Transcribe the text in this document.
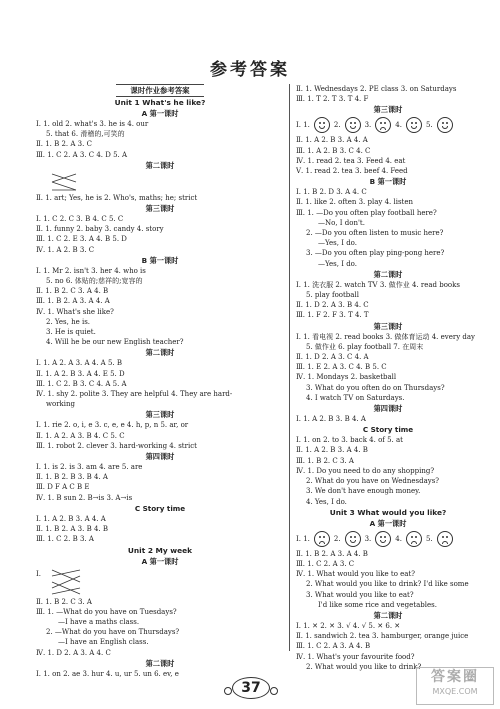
参考答案
课时作业参考答案
Unit 1 What's he like?
A 第一课时
Ⅰ. 1. old 2. what's 3. he is 4. our
5. that 6. 滑稽的,可笑的
Ⅱ. 1. B 2. A 3. C
Ⅲ. 1. C 2. A 3. C 4. D 5. A
第二课时
Ⅱ. 1. art; Yes, he is 2. Who's, maths; he; strict
第三课时
Ⅰ. 1. C 2. C 3. B 4. C 5. C
Ⅱ. 1. funny 2. baby 3. candy 4. story
Ⅲ. 1. C 2. E 3. A 4. B 5. D
Ⅳ. 1. A 2. B 3. C
B 第一课时
Ⅰ. 1. Mr 2. isn't 3. her 4. who is
5. no 6. 体贴的;慈祥的;宽容的
Ⅱ. 1. B 2. C 3. A 4. B
Ⅲ. 1. B 2. A 3. A 4. A
Ⅳ. 1. What's she like?
2. Yes, he is.
3. He is quiet.
4. Will he be our new English teacher?
第二课时
Ⅰ. 1. A 2. A 3. A 4. A 5. B
Ⅱ. 1. A 2. B 3. A 4. E 5. D
Ⅲ. 1. C 2. B 3. C 4. A 5. A
Ⅳ. 1. shy 2. polite 3. They are helpful 4. They are hard-
working
第三课时
Ⅰ. 1. rie 2. o, i, e 3. c, e, e 4. h, p, n 5. ar, or
Ⅱ. 1. A 2. A 3. B 4. C 5. C
Ⅲ. 1. robot 2. clever 3. hard-working 4. strict
第四课时
Ⅰ. 1. is 2. is 3. am 4. are 5. are
Ⅱ. 1. B 2. B 3. B 4. A
Ⅲ. D F A C B E
Ⅳ. 1. B sun 2. B→is 3. A→is
C Story time
Ⅰ. 1. A 2. B 3. A 4. A
Ⅱ. 1. B 2. A 3. B 4. B
Ⅲ. 1. C 2. B 3. A
Unit 2 My week
A 第一课时
Ⅰ.
Ⅱ. 1. B 2. C 3. A
Ⅲ. 1. —What do you have on Tuesdays?
—I have a maths class.
2. —What do you have on Thursdays?
—I have an English class.
Ⅳ. 1. D 2. A 3. A 4. C
第二课时
Ⅰ. 1. on 2. ae 3. hur 4. u, ur 5. un 6. ev, e
Ⅱ. 1. Wednesdays 2. PE class 3. on Saturdays
Ⅲ. 1. T 2. T 3. T 4. F
第三课时
Ⅰ. 1.	2.	3.	4.	5.
Ⅱ. 1. A 2. B 3. A 4. A
Ⅲ. 1. A 2. B 3. C 4. C
Ⅳ. 1. read 2. tea 3. Feed 4. eat
Ⅴ. 1. read 2. tea 3. beef 4. Feed
B 第一课时
Ⅰ. 1. B 2. D 3. A 4. C
Ⅱ. 1. like 2. often 3. play 4. listen
Ⅲ. 1. —Do you often play football here?
—No, I don't.
2. —Do you often listen to music here?
—Yes, I do.
3. —Do you often play ping-pong here?
—Yes, I do.
第二课时
Ⅰ. 1. 洗衣服 2. watch TV 3. 做作业 4. read books
5. play football
Ⅱ. 1. D 2. A 3. B 4. C
Ⅲ. 1. F 2. F 3. T 4. T
第三课时
Ⅰ. 1. 看电视 2. read books 3. 做体育运动 4. every day
5. 做作业 6. play football 7. 在周末
Ⅱ. 1. D 2. A 3. C 4. A
Ⅲ. 1. E 2. A 3. C 4. B 5. C
Ⅳ. 1. Mondays 2. basketball
3. What do you often do on Thursdays?
4. I watch TV on Saturdays.
第四课时
Ⅰ. 1. A 2. B 3. B 4. A
C Story time
Ⅰ. 1. on 2. to 3. back 4. of 5. at
Ⅱ. 1. A 2. B 3. A 4. B
Ⅲ. 1. B 2. C 3. A
Ⅳ. 1. Do you need to do any shopping?
2. What do you have on Wednesdays?
3. We don't have enough money.
4. Yes, I do.
Unit 3 What would you like?
A 第一课时
Ⅰ. 1.	2.	3.	4.	5.
Ⅱ. 1. B 2. A 3. A 4. B
Ⅲ. 1. C 2. A 3. C
Ⅳ. 1. What would you like to eat?
2. What would you like to drink? I'd like some
3. What would you like to eat?
I'd like some rice and vegetables.
第二课时
Ⅰ. 1. ✕ 2. ✕ 3. √ 4. √ 5. ✕ 6. ✕
Ⅱ. 1. sandwich 2. tea 3. hamburger, orange juice
Ⅲ. 1. C 2. A 3. A 4. B
Ⅳ. 1. What's your favourite food?
2. What would you like to drink?
37
答案圈
MXQE.COM
